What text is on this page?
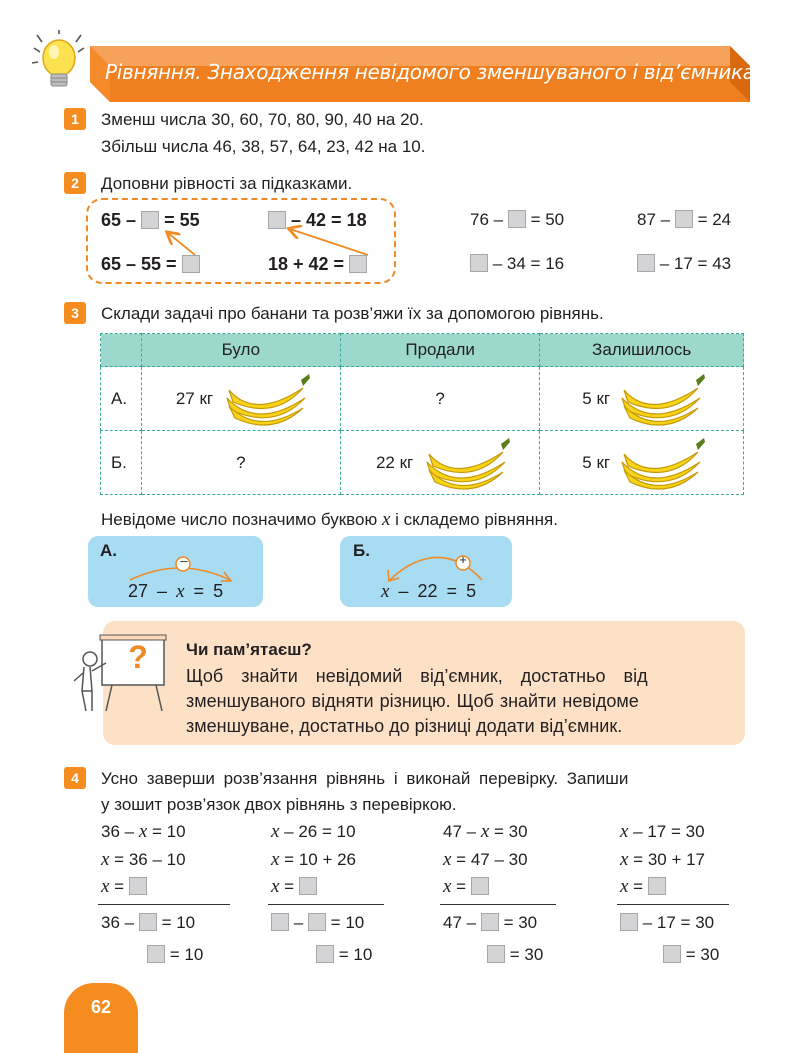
Рівняння. Знаходження невідомого зменшуваного і від’ємника
1	Зменш числа 30, 60, 70, 80, 90, 40 на 20.
Збільш числа 46, 38, 57, 64, 23, 42 на 10.
2	Доповни рівності за підказками.
65 – = 55
65 – 55 =
– 42 = 18
18 + 42 =
76 – = 50	87 – = 24
– 34 = 16	– 17 = 43
3	Склади задачі про банани та розв’яжи їх за допомогою рівнянь.
	Було	Продали	Залишилось
А.	27 кг	?	5 кг
Б.	?	22 кг	5 кг
Невідоме число позначимо буквою x і складемо рівняння.
А.
–
27 – x = 5
Б.	+
x – 22 = 5
?	Чи пам’ятаєш?
Щоб знайти невідомий від’ємник, достатньо від
зменшуваного відняти різницю. Щоб знайти невідоме
зменшуване, достатньо до різниці додати від’ємник.
4	Усно заверши розв’язання рівнянь і виконай перевірку. Запиши
у зошит розв’язок двох рівнянь з перевіркою.
36 – x = 10
x = 36 – 10
x =
36 – = 10
= 10
x – 26 = 10
x = 10 + 26
x =
– = 10
= 10
47 – x = 30
x = 47 – 30
x =
47 – = 30
= 30
x – 17 = 30
x = 30 + 17
x =
– 17 = 30
= 30
62
